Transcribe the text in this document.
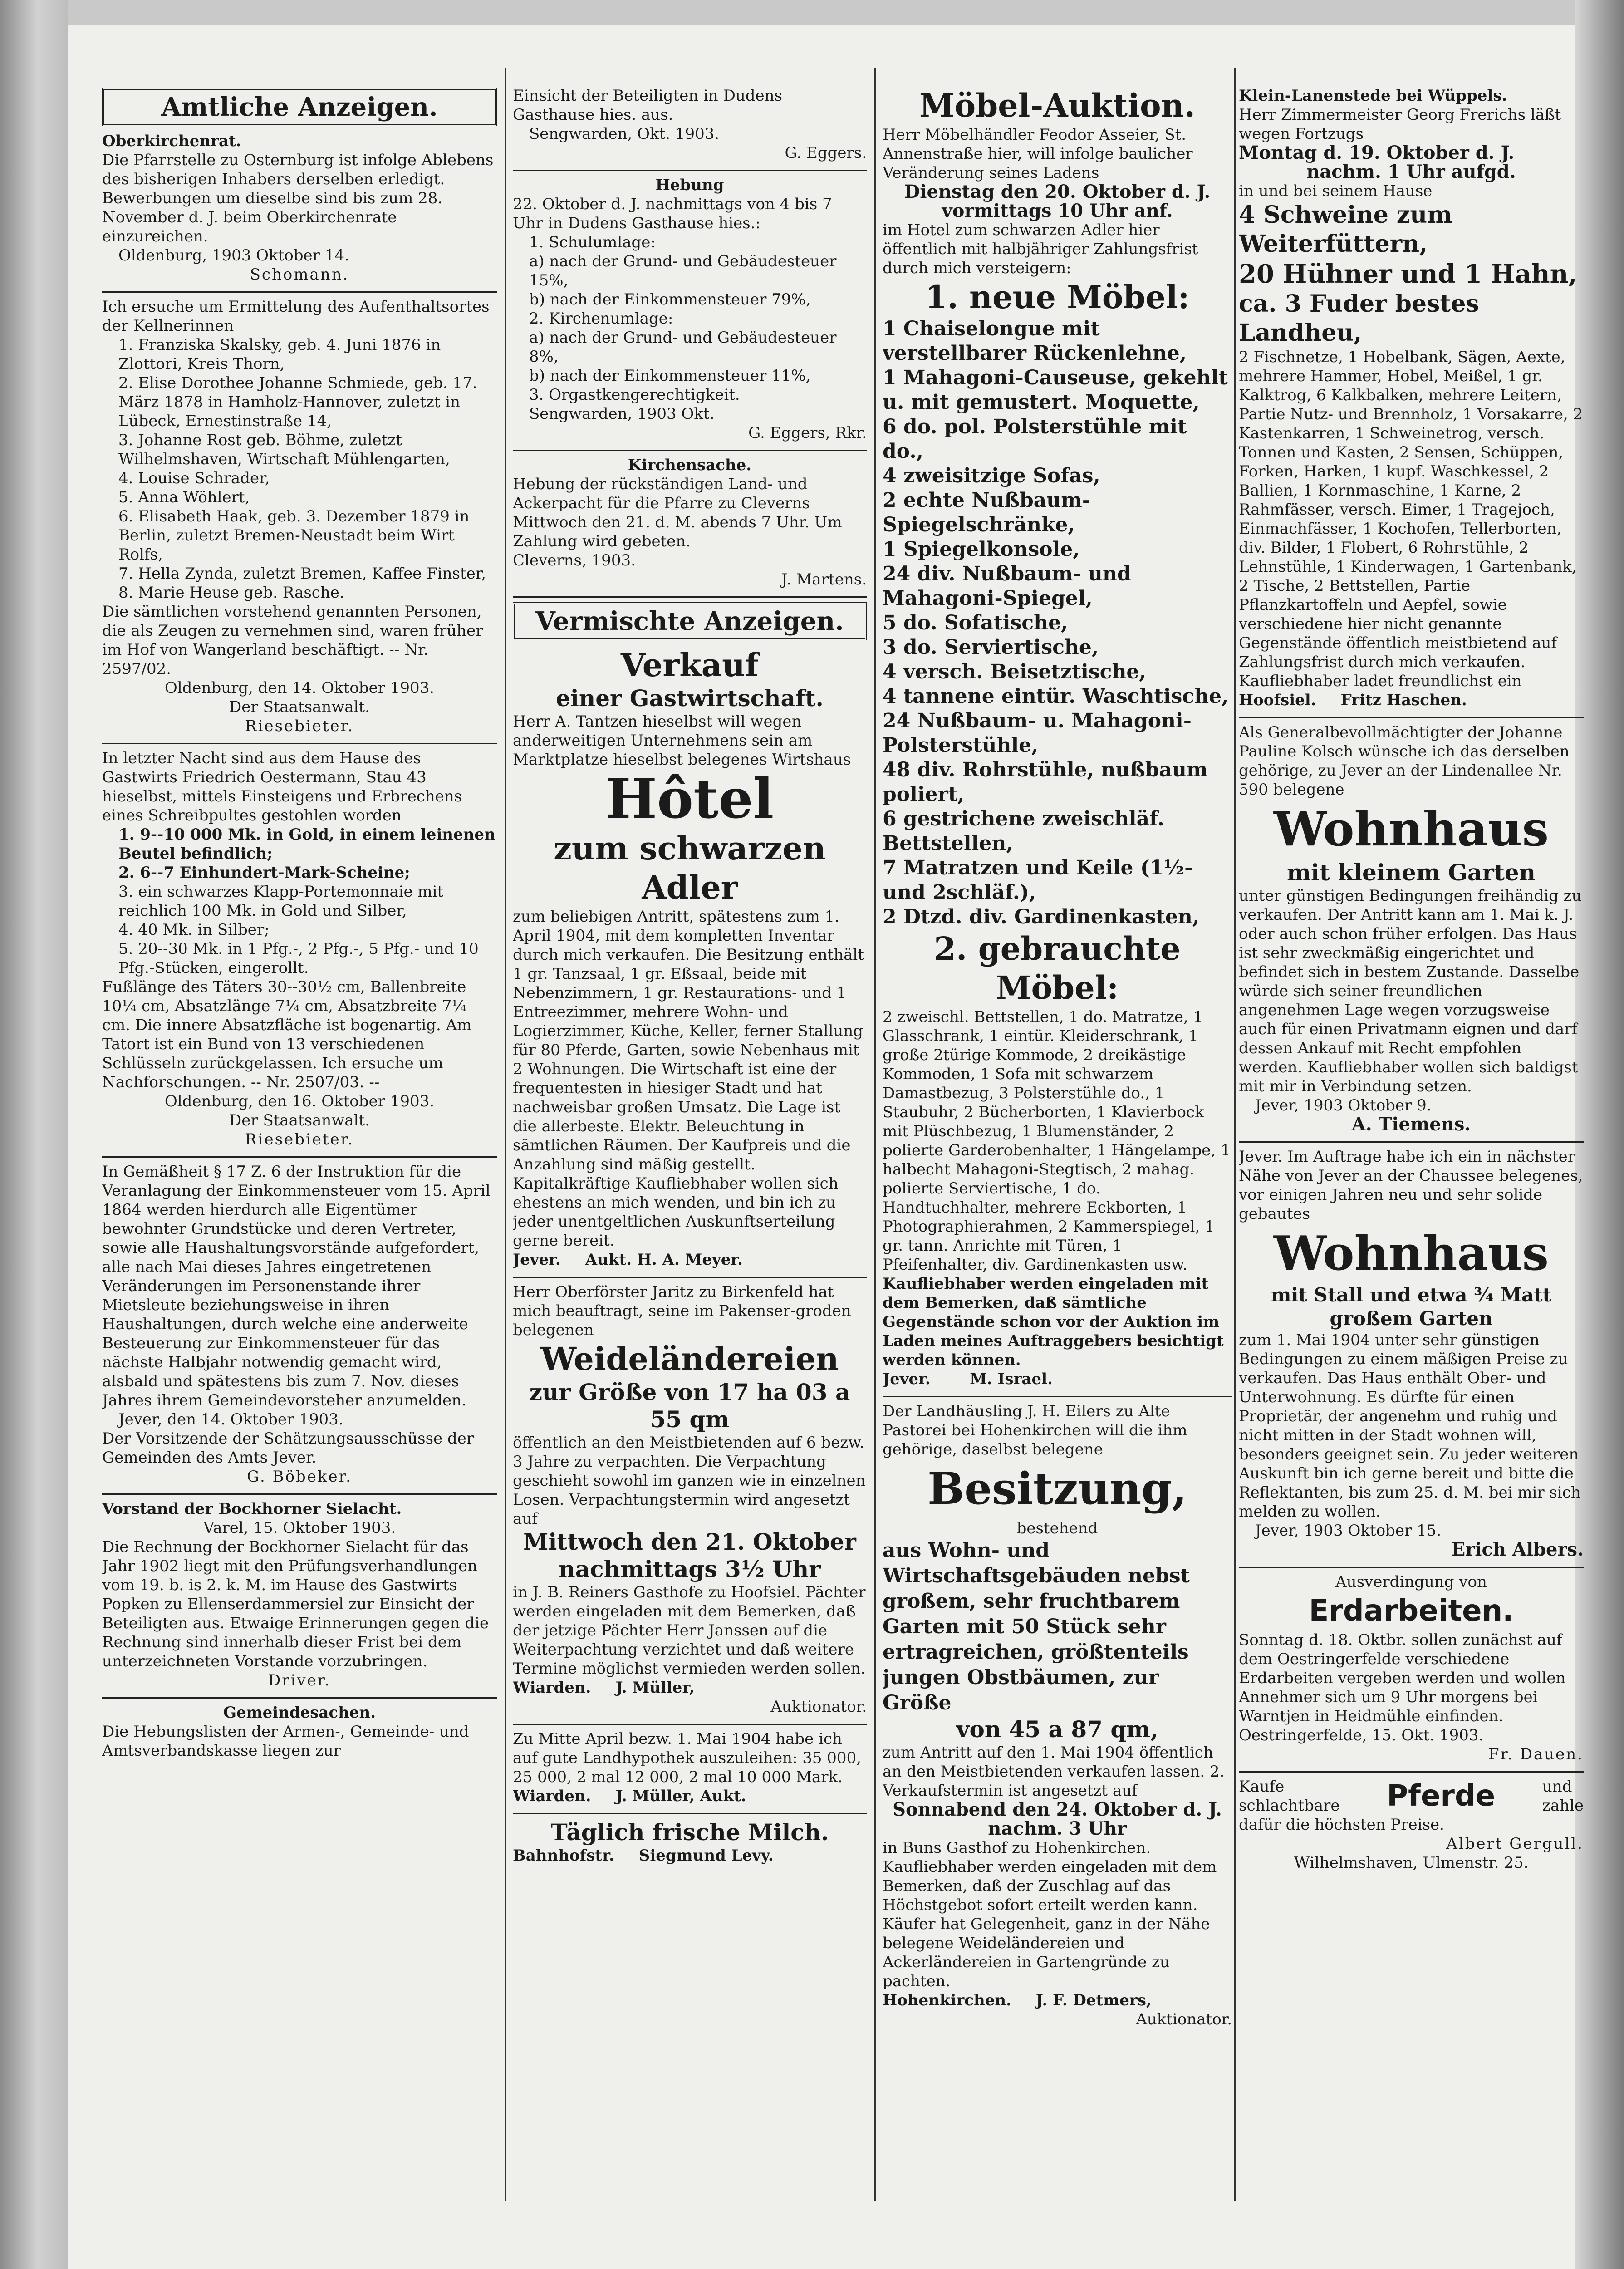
Amtliche Anzeigen.

Oberkirchenrat.

Die Pfarrstelle zu Osternburg ist infolge Ablebens des bisherigen Inhabers derselben erledigt. Bewerbungen um dieselbe sind bis zum 28. November d. J. beim Oberkirchenrate einzureichen.

Oldenburg, 1903 Oktober 14.

Schomann.

Ich ersuche um Ermittelung des Aufenthaltsortes der Kellnerinnen

1. Franziska Skalsky, geb. 4. Juni 1876 in Zlottori, Kreis Thorn,

2. Elise Dorothee Johanne Schmiede, geb. 17. März 1878 in Hamholz-Hannover, zuletzt in Lübeck, Ernestinstraße 14,

3. Johanne Rost geb. Böhme, zuletzt Wilhelmshaven, Wirtschaft Mühlengarten,

4. Louise Schrader,

5. Anna Wöhlert,

6. Elisabeth Haak, geb. 3. Dezember 1879 in Berlin, zuletzt Bremen-Neustadt beim Wirt Rolfs,

7. Hella Zynda, zuletzt Bremen, Kaffee Finster,

8. Marie Heuse geb. Rasche.

Die sämtlichen vorstehend genannten Personen, die als Zeugen zu vernehmen sind, waren früher im Hof von Wangerland beschäftigt. -- Nr. 2597/02.

Oldenburg, den 14. Oktober 1903.

Der Staatsanwalt.

Riesebieter.

In letzter Nacht sind aus dem Hause des Gastwirts Friedrich Oestermann, Stau 43 hieselbst, mittels Einsteigens und Erbrechens eines Schreibpultes gestohlen worden

1. 9--10 000 Mk. in Gold, in einem leinenen Beutel befindlich;

2. 6--7 Einhundert-Mark-Scheine;

3. ein schwarzes Klapp-Portemonnaie mit reichlich 100 Mk. in Gold und Silber,

4. 40 Mk. in Silber;

5. 20--30 Mk. in 1 Pfg.-, 2 Pfg.-, 5 Pfg.- und 10 Pfg.-Stücken, eingerollt.

Fußlänge des Täters 30--30½ cm, Ballenbreite 10¼ cm, Absatzlänge 7¼ cm, Absatzbreite 7¼ cm. Die innere Absatzfläche ist bogenartig. Am Tatort ist ein Bund von 13 verschiedenen Schlüsseln zurückgelassen. Ich ersuche um Nachforschungen. -- Nr. 2507/03. --

Oldenburg, den 16. Oktober 1903.

Der Staatsanwalt.

Riesebieter.

In Gemäßheit § 17 Z. 6 der Instruktion für die Veranlagung der Einkommensteuer vom 15. April 1864 werden hierdurch alle Eigentümer bewohnter Grundstücke und deren Vertreter, sowie alle Haushaltungsvorstände aufgefordert, alle nach Mai dieses Jahres eingetretenen Veränderungen im Personenstande ihrer Mietsleute beziehungsweise in ihren Haushaltungen, durch welche eine anderweite Besteuerung zur Einkommensteuer für das nächste Halbjahr notwendig gemacht wird, alsbald und spätestens bis zum 7. Nov. dieses Jahres ihrem Gemeindevorsteher anzumelden.

Jever, den 14. Oktober 1903.

Der Vorsitzende der Schätzungsausschüsse der Gemeinden des Amts Jever.

G. Böbeker.

Vorstand der Bockhorner Sielacht.

Varel, 15. Oktober 1903.

Die Rechnung der Bockhorner Sielacht für das Jahr 1902 liegt mit den Prüfungsverhandlungen vom 19. b. is 2. k. M. im Hause des Gastwirts Popken zu Ellenserdammersiel zur Einsicht der Beteiligten aus. Etwaige Erinnerungen gegen die Rechnung sind innerhalb dieser Frist bei dem unterzeichneten Vorstande vorzubringen.

Driver.

Gemeindesachen.

Die Hebungslisten der Armen-, Gemeinde- und Amtsverbandskasse liegen zur

Einsicht der Beteiligten in Dudens Gasthause hies. aus.

Sengwarden, Okt. 1903.

G. Eggers.

Hebung

22. Oktober d. J. nachmittags von 4 bis 7 Uhr in Dudens Gasthause hies.:

1. Schulumlage:

a) nach der Grund- und Gebäudesteuer 15%,

b) nach der Einkommensteuer 79%,

2. Kirchenumlage:

a) nach der Grund- und Gebäudesteuer 8%,

b) nach der Einkommensteuer 11%,

3. Orgastkengerechtigkeit.

Sengwarden, 1903 Okt.

G. Eggers, Rkr.

Kirchensache.

Hebung der rückständigen Land- und Ackerpacht für die Pfarre zu Cleverns Mittwoch den 21. d. M. abends 7 Uhr. Um Zahlung wird gebeten.

Cleverns, 1903.

J. Martens.

Vermischte Anzeigen.

Verkauf

einer Gastwirtschaft.

Herr A. Tantzen hieselbst will wegen anderweitigen Unternehmens sein am Marktplatze hieselbst belegenes Wirtshaus

Hôtel

zum schwarzen Adler

zum beliebigen Antritt, spätestens zum 1. April 1904, mit dem kompletten Inventar durch mich verkaufen. Die Besitzung enthält 1 gr. Tanzsaal, 1 gr. Eßsaal, beide mit Nebenzimmern, 1 gr. Restaurations- und 1 Entreezimmer, mehrere Wohn- und Logierzimmer, Küche, Keller, ferner Stallung für 80 Pferde, Garten, sowie Nebenhaus mit 2 Wohnungen. Die Wirtschaft ist eine der frequentesten in hiesiger Stadt und hat nachweisbar großen Umsatz. Die Lage ist die allerbeste. Elektr. Beleuchtung in sämtlichen Räumen. Der Kaufpreis und die Anzahlung sind mäßig gestellt. Kapitalkräftige Kaufliebhaber wollen sich ehestens an mich wenden, und bin ich zu jeder unentgeltlichen Auskunftserteilung gerne bereit.

Jever. Aukt. H. A. Meyer.

Herr Oberförster Jaritz zu Birkenfeld hat mich beauftragt, seine im Pakenser-groden belegenen

Weideländereien

zur Größe von 17 ha 03 a 55 qm

öffentlich an den Meistbietenden auf 6 bezw. 3 Jahre zu verpachten. Die Verpachtung geschieht sowohl im ganzen wie in einzelnen Losen. Verpachtungstermin wird angesetzt auf

Mittwoch den 21. Oktober

nachmittags 3½ Uhr

in J. B. Reiners Gasthofe zu Hoofsiel. Pächter werden eingeladen mit dem Bemerken, daß der jetzige Pächter Herr Janssen auf die Weiterpachtung verzichtet und daß weitere Termine möglichst vermieden werden sollen.

Wiarden. J. Müller,

Auktionator.

Zu Mitte April bezw. 1. Mai 1904 habe ich auf gute Landhypothek auszuleihen: 35 000, 25 000, 2 mal 12 000, 2 mal 10 000 Mark.

Wiarden. J. Müller, Aukt.

Täglich frische Milch.

Bahnhofstr. Siegmund Levy.

Möbel-Auktion.

Herr Möbelhändler Feodor Asseier, St. Annenstraße hier, will infolge baulicher Veränderung seines Ladens

Dienstag den 20. Oktober d. J.

vormittags 10 Uhr anf.

im Hotel zum schwarzen Adler hier öffentlich mit halbjähriger Zahlungsfrist durch mich versteigern:

1. neue Möbel:

1 Chaiselongue mit verstellbarer Rückenlehne,

1 Mahagoni-Causeuse, gekehlt u. mit gemustert. Moquette,

6 do. pol. Polsterstühle mit do.,

4 zweisitzige Sofas,

2 echte Nußbaum-Spiegelschränke,

1 Spiegelkonsole,

24 div. Nußbaum- und Mahagoni-Spiegel,

5 do. Sofatische,

3 do. Serviertische,

4 versch. Beisetztische,

4 tannene eintür. Waschtische,

24 Nußbaum- u. Mahagoni-Polsterstühle,

48 div. Rohrstühle, nußbaum poliert,

6 gestrichene zweischläf. Bettstellen,

7 Matratzen und Keile (1½- und 2schläf.),

2 Dtzd. div. Gardinenkasten,

2. gebrauchte Möbel:

2 zweischl. Bettstellen, 1 do. Matratze, 1 Glasschrank, 1 eintür. Kleiderschrank, 1 große 2türige Kommode, 2 dreikästige Kommoden, 1 Sofa mit schwarzem Damastbezug, 3 Polsterstühle do., 1 Staubuhr, 2 Bücherborten, 1 Klavierbock mit Plüschbezug, 1 Blumenständer, 2 polierte Garderobenhalter, 1 Hängelampe, 1 halbecht Mahagoni-Stegtisch, 2 mahag. polierte Serviertische, 1 do. Handtuchhalter, mehrere Eckborten, 1 Photographierahmen, 2 Kammerspiegel, 1 gr. tann. Anrichte mit Türen, 1 Pfeifenhalter, div. Gardinenkasten usw.

Kaufliebhaber werden eingeladen mit dem Bemerken, daß sämtliche Gegenstände schon vor der Auktion im Laden meines Auftraggebers besichtigt werden können.

Jever.	M. Israel.

Der Landhäusling J. H. Eilers zu Alte Pastorei bei Hohenkirchen will die ihm gehörige, daselbst belegene

Besitzung,

bestehend

aus Wohn- und Wirtschaftsgebäuden nebst großem, sehr fruchtbarem Garten mit 50 Stück sehr ertragreichen, größtenteils jungen Obstbäumen, zur Größe

von 45 a 87 qm,

zum Antritt auf den 1. Mai 1904 öffentlich an den Meistbietenden verkaufen lassen. 2. Verkaufstermin ist angesetzt auf

Sonnabend den 24. Oktober d. J.

nachm. 3 Uhr

in Buns Gasthof zu Hohenkirchen. Kaufliebhaber werden eingeladen mit dem Bemerken, daß der Zuschlag auf das Höchstgebot sofort erteilt werden kann. Käufer hat Gelegenheit, ganz in der Nähe belegene Weideländereien und Ackerländereien in Gartengründe zu pachten.

Hohenkirchen. J. F. Detmers,

Auktionator.

Klein-Lanenstede bei Wüppels.

Herr Zimmermeister Georg Frerichs läßt wegen Fortzugs

Montag d. 19. Oktober d. J.

nachm. 1 Uhr aufgd.

in und bei seinem Hause

4 Schweine zum Weiterfüttern,

20 Hühner und 1 Hahn,

ca. 3 Fuder bestes Landheu,

2 Fischnetze, 1 Hobelbank, Sägen, Aexte, mehrere Hammer, Hobel, Meißel, 1 gr. Kalktrog, 6 Kalkbalken, mehrere Leitern, Partie Nutz- und Brennholz, 1 Vorsakarre, 2 Kastenkarren, 1 Schweinetrog, versch. Tonnen und Kasten, 2 Sensen, Schüppen, Forken, Harken, 1 kupf. Waschkessel, 2 Ballien, 1 Kornmaschine, 1 Karne, 2 Rahmfässer, versch. Eimer, 1 Tragejoch, Einmachfässer, 1 Kochofen, Tellerborten, div. Bilder, 1 Flobert, 6 Rohrstühle, 2 Lehnstühle, 1 Kinderwagen, 1 Gartenbank, 2 Tische, 2 Bettstellen, Partie Pflanzkartoffeln und Aepfel, sowie verschiedene hier nicht genannte Gegenstände öffentlich meistbietend auf Zahlungsfrist durch mich verkaufen. Kaufliebhaber ladet freundlichst ein

Hoofsiel. Fritz Haschen.

Als Generalbevollmächtigter der Johanne Pauline Kolsch wünsche ich das derselben gehörige, zu Jever an der Lindenallee Nr. 590 belegene

Wohnhaus

mit kleinem Garten

unter günstigen Bedingungen freihändig zu verkaufen. Der Antritt kann am 1. Mai k. J. oder auch schon früher erfolgen. Das Haus ist sehr zweckmäßig eingerichtet und befindet sich in bestem Zustande. Dasselbe würde sich seiner freundlichen angenehmen Lage wegen vorzugsweise auch für einen Privatmann eignen und darf dessen Ankauf mit Recht empfohlen werden. Kaufliebhaber wollen sich baldigst mit mir in Verbindung setzen.

Jever, 1903 Oktober 9.

A. Tiemens.

Jever. Im Auftrage habe ich ein in nächster Nähe von Jever an der Chaussee belegenes, vor einigen Jahren neu und sehr solide gebautes

Wohnhaus

mit Stall und etwa ¾ Matt

großem Garten

zum 1. Mai 1904 unter sehr günstigen Bedingungen zu einem mäßigen Preise zu verkaufen. Das Haus enthält Ober- und Unterwohnung. Es dürfte für einen Proprietär, der angenehm und ruhig und nicht mitten in der Stadt wohnen will, besonders geeignet sein. Zu jeder weiteren Auskunft bin ich gerne bereit und bitte die Reflektanten, bis zum 25. d. M. bei mir sich melden zu wollen.

Jever, 1903 Oktober 15.

Erich Albers.

Ausverdingung von

Erdarbeiten.

Sonntag d. 18. Oktbr. sollen zunächst auf dem Oestringerfelde verschiedene Erdarbeiten vergeben werden und wollen Annehmer sich um 9 Uhr morgens bei Warntjen in Heidmühle einfinden.

Oestringerfelde, 15. Okt. 1903.

Fr. Dauen.

Kaufe

schlachtbare Pferde	und

zahle

dafür die höchsten Preise.

Albert Gergull.

Wilhelmshaven, Ulmenstr. 25.
